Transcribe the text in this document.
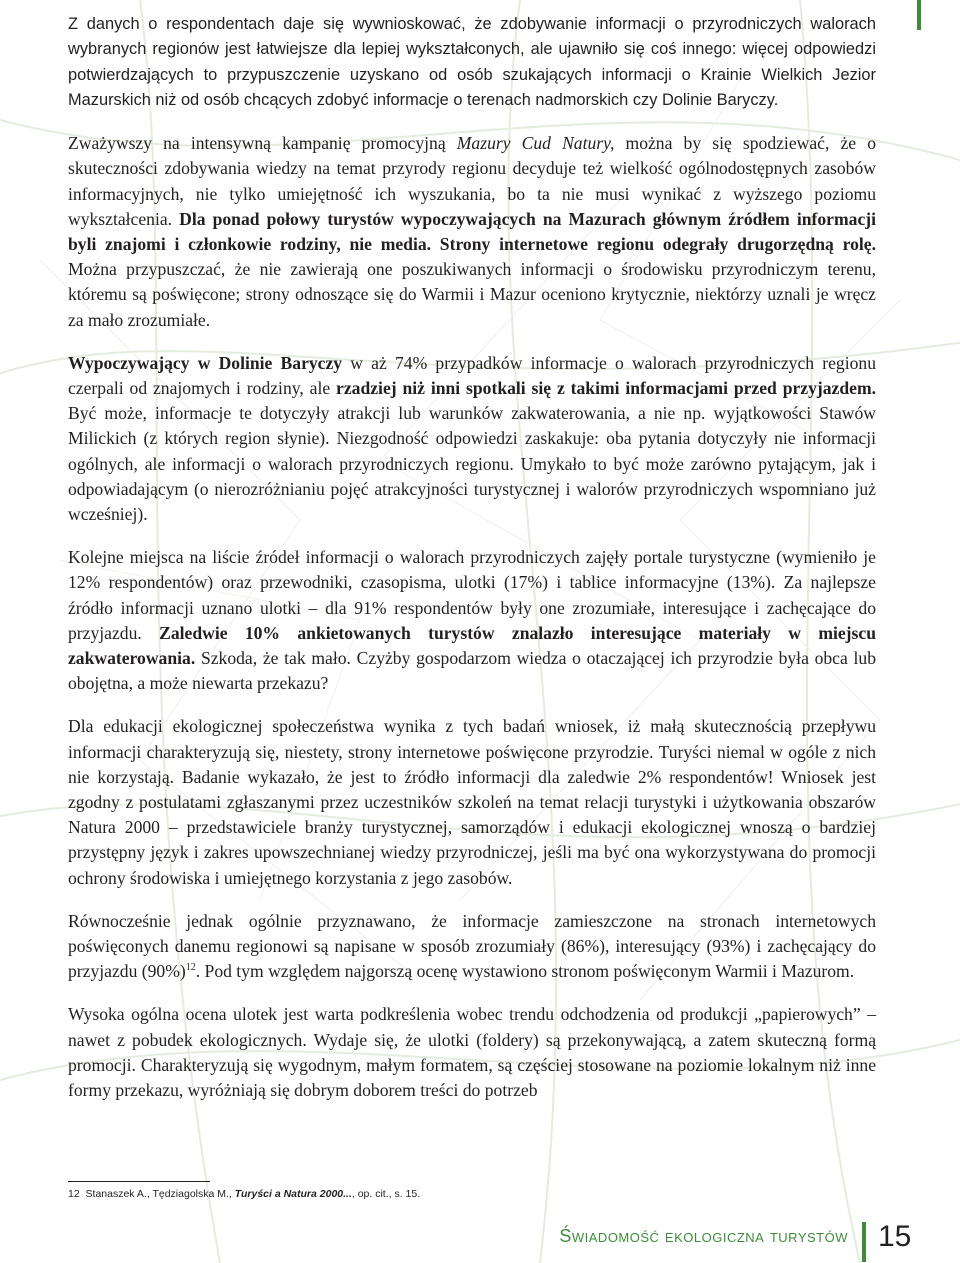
Z danych o respondentach daje się wywnioskować, że zdobywanie informacji o przyrodniczych walorach wybranych regionów jest łatwiejsze dla lepiej wykształconych, ale ujawniło się coś innego: więcej odpowiedzi potwierdzających to przypuszczenie uzyskano od osób szukających informacji o Krainie Wielkich Jezior Mazurskich niż od osób chcących zdobyć informacje o terenach nadmorskich czy Dolinie Baryczy.

Zważywszy na intensywną kampanię promocyjną Mazury Cud Natury, można by się spodziewać, że o skuteczności zdobywania wiedzy na temat przyrody regionu decyduje też wielkość ogólnodostępnych zasobów informacyjnych, nie tylko umiejętność ich wyszukania, bo ta nie musi wynikać z wyższego poziomu wykształcenia. Dla ponad połowy turystów wypoczywających na Mazurach głównym źródłem informacji byli znajomi i członkowie rodziny, nie media. Strony internetowe regionu odegrały drugorzędną rolę. Można przypuszczać, że nie zawierają one poszukiwanych informacji o środowisku przyrodniczym terenu, któremu są poświęcone; strony odnoszące się do Warmii i Mazur oceniono krytycznie, niektórzy uznali je wręcz za mało zrozumiałe.

Wypoczywający w Dolinie Baryczy w aż 74% przypadków informacje o walorach przyrodniczych regionu czerpali od znajomych i rodziny, ale rzadziej niż inni spotkali się z takimi informacjami przed przyjazdem. Być może, informacje te dotyczyły atrakcji lub warunków zakwaterowania, a nie np. wyjątkowości Stawów Milickich (z których region słynie). Niezgodność odpowiedzi zaskakuje: oba pytania dotyczyły nie informacji ogólnych, ale informacji o walorach przyrodniczych regionu. Umykało to być może zarówno pytającym, jak i odpowiadającym (o nierozróżnianiu pojęć atrakcyjności turystycznej i walorów przyrodniczych wspomniano już wcześniej).

Kolejne miejsca na liście źródeł informacji o walorach przyrodniczych zajęły portale turystyczne (wymieniło je 12% respondentów) oraz przewodniki, czasopisma, ulotki (17%) i tablice informacyjne (13%). Za najlepsze źródło informacji uznano ulotki – dla 91% respondentów były one zrozumiałe, interesujące i zachęcające do przyjazdu. Zaledwie 10% ankietowanych turystów znalazło interesujące materiały w miejscu zakwaterowania. Szkoda, że tak mało. Czyżby gospodarzom wiedza o otaczającej ich przyrodzie była obca lub obojętna, a może niewarta przekazu?

Dla edukacji ekologicznej społeczeństwa wynika z tych badań wniosek, iż małą skutecznością przepływu informacji charakteryzują się, niestety, strony internetowe poświęcone przyrodzie. Turyści niemal w ogóle z nich nie korzystają. Badanie wykazało, że jest to źródło informacji dla zaledwie 2% respondentów! Wniosek jest zgodny z postulatami zgłaszanymi przez uczestników szkoleń na temat relacji turystyki i użytkowania obszarów Natura 2000 – przedstawiciele branży turystycznej, samorządów i edukacji ekologicznej wnoszą o bardziej przystępny język i zakres upowszechnianej wiedzy przyrodniczej, jeśli ma być ona wykorzystywana do promocji ochrony środowiska i umiejętnego korzystania z jego zasobów.

Równocześnie jednak ogólnie przyznawano, że informacje zamieszczone na stronach internetowych poświęconych danemu regionowi są napisane w sposób zrozumiały (86%), interesujący (93%) i zachęcający do przyjazdu $(90\%)^{12}$. Pod tym względem najgorszą ocenę wystawiono stronom poświęconym Warmii i Mazurom.

Wysoka ogólna ocena ulotek jest warta podkreślenia wobec trendu odchodzenia od produkcji „papierowych” – nawet z pobudek ekologicznych. Wydaje się, że ulotki (foldery) są przekonywającą, a zatem skuteczną formą promocji. Charakteryzują się wygodnym, małym formatem, są częściej stosowane na poziomie lokalnym niż inne formy przekazu, wyróżniają się dobrym doborem treści do potrzeb

12 Stanaszek A., Tędziagolska M., Turyści a Natura 2000..., op. cit., s. 15.
Świadomość ekologiczna turystów 15
